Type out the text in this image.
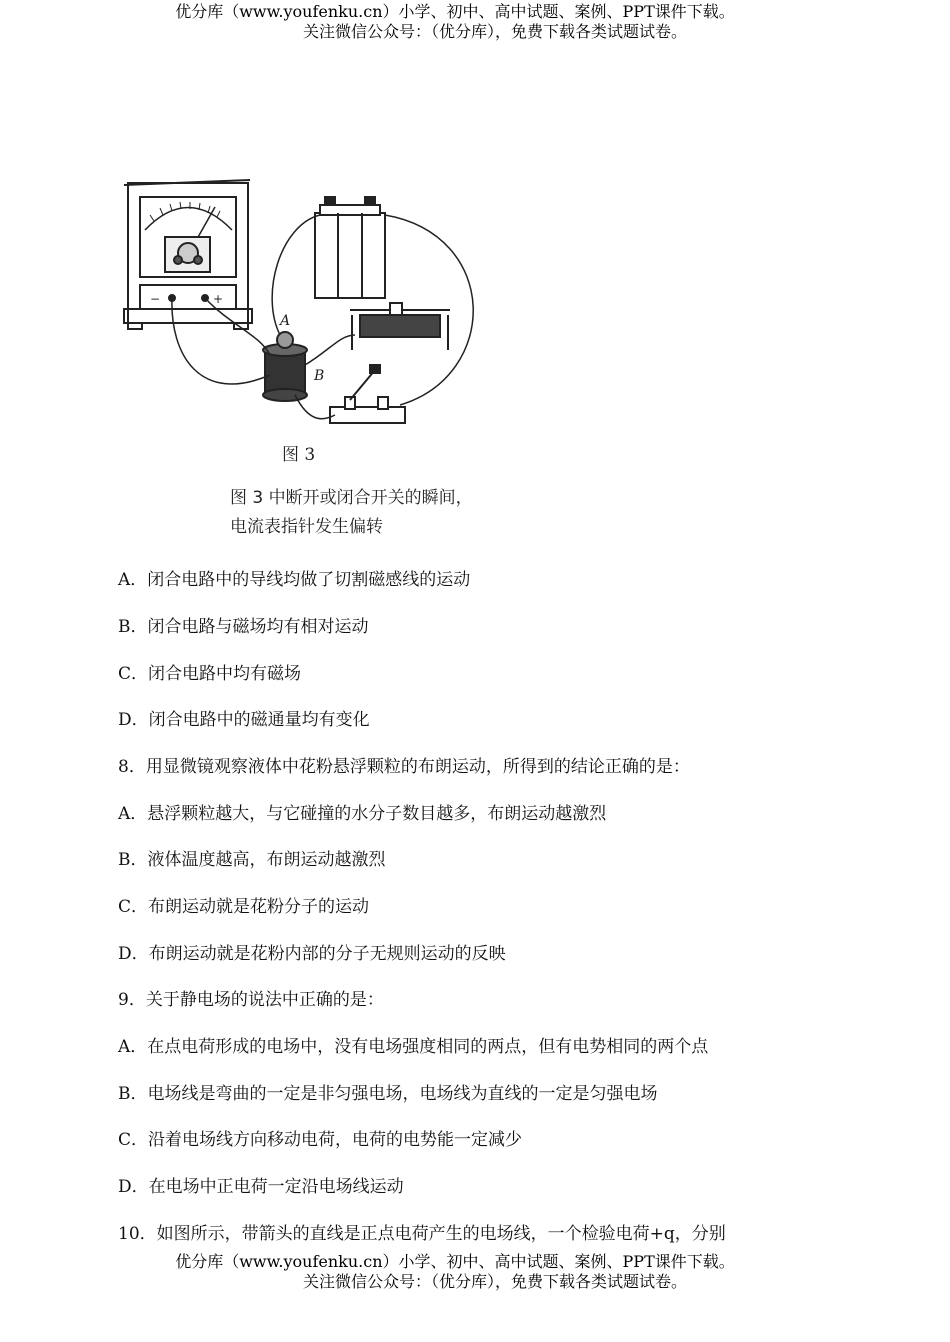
优分库（www.youfenku.cn）小学、初中、高中试题、案例、PPT课件下载。
关注微信公众号：（优分库），免费下载各类试题试卷。
−	+
A
B
图 3
图 3 中断开或闭合开关的瞬间，
电流表指针发生偏转
A．闭合电路中的导线均做了切割磁感线的运动
B．闭合电路与磁场均有相对运动
C．闭合电路中均有磁场
D．闭合电路中的磁通量均有变化
8．用显微镜观察液体中花粉悬浮颗粒的布朗运动，所得到的结论正确的是：
A．悬浮颗粒越大，与它碰撞的水分子数目越多，布朗运动越激烈
B．液体温度越高，布朗运动越激烈
C．布朗运动就是花粉分子的运动
D．布朗运动就是花粉内部的分子无规则运动的反映
9．关于静电场的说法中正确的是：
A．在点电荷形成的电场中，没有电场强度相同的两点，但有电势相同的两个点
B．电场线是弯曲的一定是非匀强电场，电场线为直线的一定是匀强电场
C．沿着电场线方向移动电荷，电荷的电势能一定减少
D．在电场中正电荷一定沿电场线运动
10．如图所示，带箭头的直线是正点电荷产生的电场线，一个检验电荷+q，分别
优分库（www.youfenku.cn）小学、初中、高中试题、案例、PPT课件下载。
关注微信公众号：（优分库），免费下载各类试题试卷。
